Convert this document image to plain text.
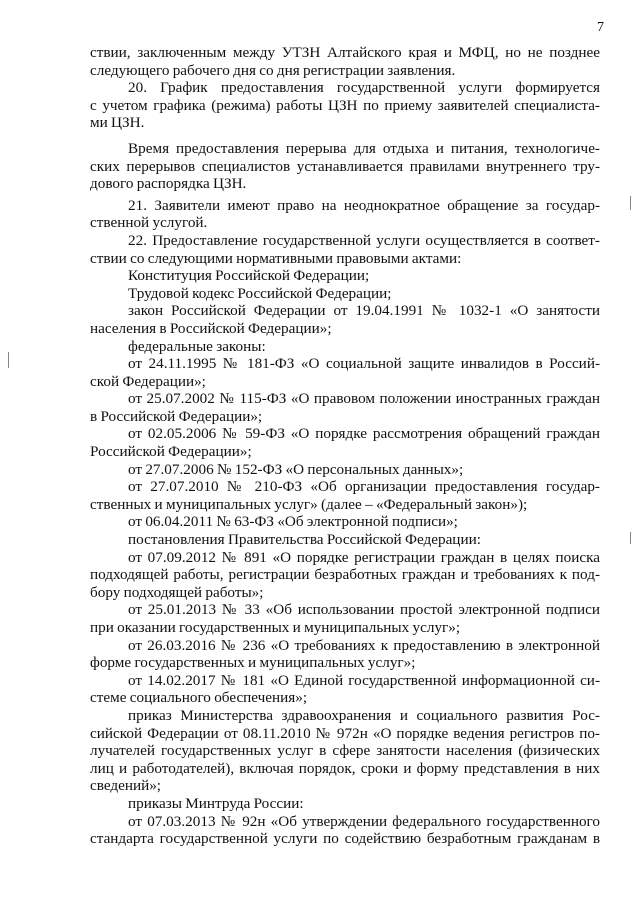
7

ствии, заключенным между УТЗН Алтайского края и МФЦ, но не позднее

следующего рабочего дня со дня регистрации заявления.

20. График предоставления государственной услуги формируется

с учетом графика (режима) работы ЦЗН по приему заявителей специалиста-

ми ЦЗН.

Время предоставления перерыва для отдыха и питания, технологиче-

ских перерывов специалистов устанавливается правилами внутреннего тру-

дового распорядка ЦЗН.

21. Заявители имеют право на неоднократное обращение за государ-

ственной услугой.

22. Предоставление государственной услуги осуществляется в соответ-

ствии со следующими нормативными правовыми актами:

Конституция Российской Федерации;

Трудовой кодекс Российской Федерации;

закон Российской Федерации от 19.04.1991 № 1032-1 «О занятости

населения в Российской Федерации»;

федеральные законы:

от 24.11.1995 № 181-ФЗ «О социальной защите инвалидов в Россий-

ской Федерации»;

от 25.07.2002 № 115-ФЗ «О правовом положении иностранных граждан

в Российской Федерации»;

от 02.05.2006 № 59-ФЗ «О порядке рассмотрения обращений граждан

Российской Федерации»;

от 27.07.2006 № 152-ФЗ «О персональных данных»;

от 27.07.2010 № 210-ФЗ «Об организации предоставления государ-

ственных и муниципальных услуг» (далее – «Федеральный закон»);

от 06.04.2011 № 63-ФЗ «Об электронной подписи»;

постановления Правительства Российской Федерации:

от 07.09.2012 № 891 «О порядке регистрации граждан в целях поиска

подходящей работы, регистрации безработных граждан и требованиях к под-

бору подходящей работы»;

от 25.01.2013 № 33 «Об использовании простой электронной подписи

при оказании государственных и муниципальных услуг»;

от 26.03.2016 № 236 «О требованиях к предоставлению в электронной

форме государственных и муниципальных услуг»;

от 14.02.2017 № 181 «О Единой государственной информационной си-

стеме социального обеспечения»;

приказ Министерства здравоохранения и социального развития Рос-

сийской Федерации от 08.11.2010 № 972н «О порядке ведения регистров по-

лучателей государственных услуг в сфере занятости населения (физических

лиц и работодателей), включая порядок, сроки и форму представления в них

сведений»;

приказы Минтруда России:

от 07.03.2013 № 92н «Об утверждении федерального государственного

стандарта государственной услуги по содействию безработным гражданам в
